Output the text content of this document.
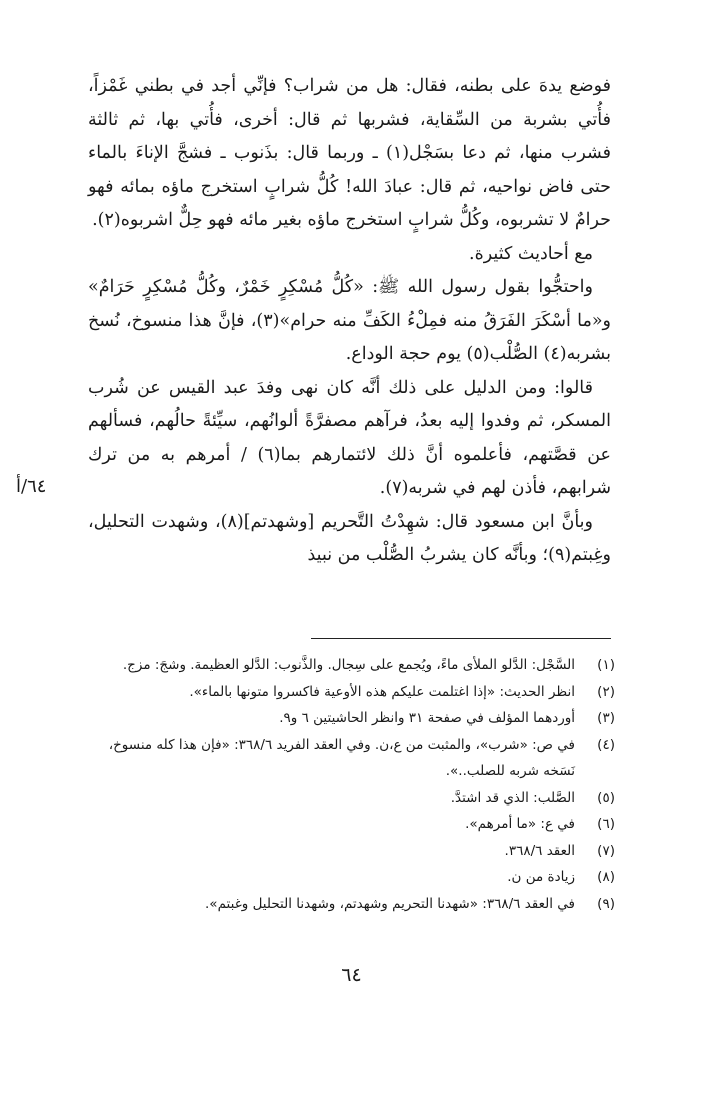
فوضع يدهَ على بطنه، فقال: هل من شراب؟ فإنِّي أجد في بطني غَمْزاً، فأُتي بشربة من السِّقاية، فشربها ثم قال: أخرى، فأُتي بها، ثم ثالثة فشرب منها، ثم دعا بسَجْل(١) ـ وربما قال: بذَنوب ـ فشجَّ الإناءَ بالماء حتى فاض نواحيه، ثم قال: عبادَ الله! كُلُّ شرابٍ استخرج ماؤه بمائه فهو حرامٌ لا تشربوه، وكُلُّ شرابٍ استخرج ماؤه بغير مائه فهو حِلٌّ اشربوه(٢).

مع أحاديث كثيرة.

واحتجُّوا بقول رسول الله ﷺ: «كُلُّ مُسْكِرٍ خَمْرٌ، وكُلُّ مُسْكِرٍ حَرَامٌ» و«ما أسْكَرَ الفَرَقُ منه فمِلْءُ الكَفِّ منه حرام»(٣)، فإنَّ هذا منسوخ، نُسخ بشربه(٤) الصُّلْب(٥) يوم حجة الوداع.

قالوا: ومن الدليل على ذلك أنَّه كان نهى وفدَ عبد القيس عن شُرب المسكر، ثم وفدوا إليه بعدُ، فرآهم مصفرَّةً ألوانُهم، سيِّئةً حالُهم، فسألهم عن قصَّتهم، فأعلموه أنَّ ذلك لائتمارهم بما(٦) / أمرهم به من ترك شرابهم، فأذن لهم في شربه(٧).

وبأنَّ ابن مسعود قال: شهِدْتُ التَّحريم [وشهدتم](٨)، وشهدت التحليل، وغِبتم(٩)؛ وبأنَّه كان يشربُ الصُّلْب من نبيذ

٦٤/أ
(١)
السَّجْل: الدَّلو الملأى ماءً، ويُجمع على سِجال. والذَّنوب: الدَّلو العظيمة. وشجَ: مزج.
(٢)
انظر الحديث: «إذا اغتلمت عليكم هذه الأوعية فاكسروا متونها بالماء».
(٣)
أوردهما المؤلف في صفحة ٣١ وانظر الحاشيتين ٦ و٩.
(٤)
في ص: «شرب»، والمثبت من ع،ن. وفي العقد الفريد ٣٦٨/٦: «فإن هذا كله منسوخ، نَسَخه شربه للصلب..».
(٥)
الصَّلب: الذي قد اشتدَّ.
(٦)
في ع: «ما أمرهم».
(٧)
العقد ٣٦٨/٦.
(٨)
زيادة من ن.
(٩)
في العقد ٣٦٨/٦: «شهدنا التحريم وشهدتم، وشهدنا التحليل وغبتم».
٦٤
